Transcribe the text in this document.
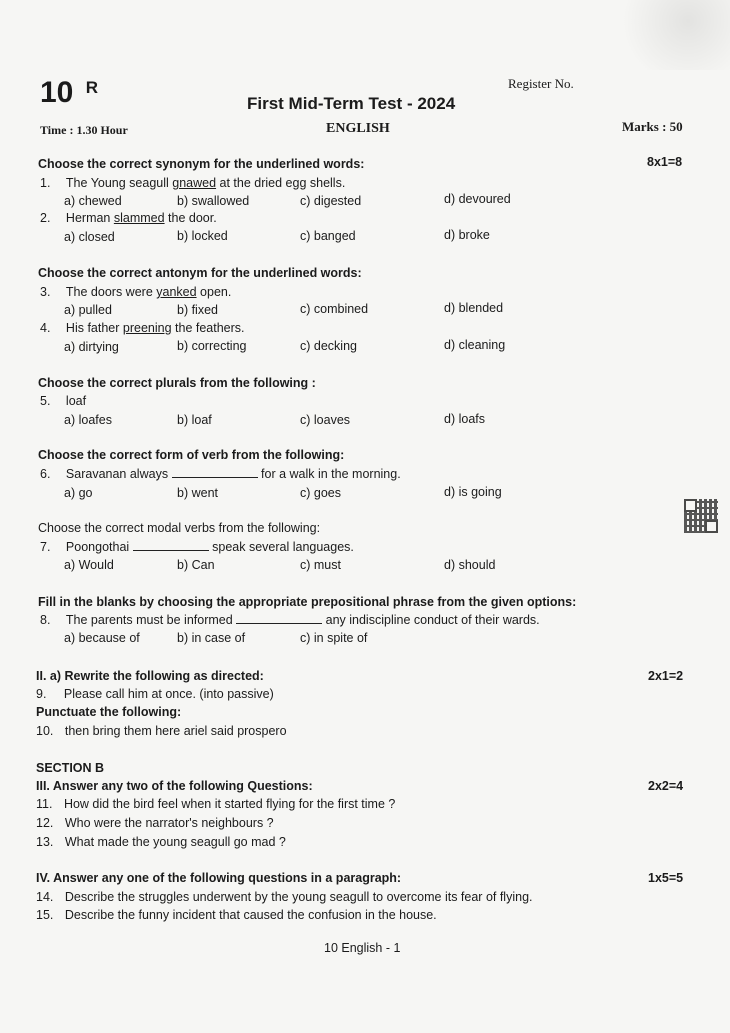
10 $^R$	Register No.
First Mid-Term Test - 2024
Time : 1.30 Hour	ENGLISH	Marks : 50
Choose the correct synonym for the underlined words:	8x1=8
1. The Young seagull gnawed at the dried egg shells.
a) chewed	b) swallowed	c) digested	d) devoured
2. Herman slammed the door.
a) closed	b) locked	c) banged	d) broke
Choose the correct antonym for the underlined words:
3. The doors were yanked open.
a) pulled	b) fixed	c) combined	d) blended
4. His father preening the feathers.
a) dirtying	b) correcting	c) decking	d) cleaning
Choose the correct plurals from the following :
5. loaf
a) loafes	b) loaf	c) loaves	d) loafs
Choose the correct form of verb from the following:
6. Saravanan always	for a walk in the morning.
a) go	b) went	c) goes	d) is going
Choose the correct modal verbs from the following:
7. Poongothai	speak several languages.
a) Would	b) Can	c) must	d) should
Fill in the blanks by choosing the appropriate prepositional phrase from the given options:
8. The parents must be informed	any indiscipline conduct of their wards.
a) because of	b) in case of	c) in spite of
II. a) Rewrite the following as directed:	2x1=2
9. Please call him at once. (into passive)
Punctuate the following:
10. then bring them here ariel said prospero
SECTION B
III. Answer any two of the following Questions:	2x2=4
11. How did the bird feel when it started flying for the first time ?
12. Who were the narrator's neighbours ?
13. What made the young seagull go mad ?
IV. Answer any one of the following questions in a paragraph:	1x5=5
14. Describe the struggles underwent by the young seagull to overcome its fear of flying.
15. Describe the funny incident that caused the confusion in the house.
10 English - 1
